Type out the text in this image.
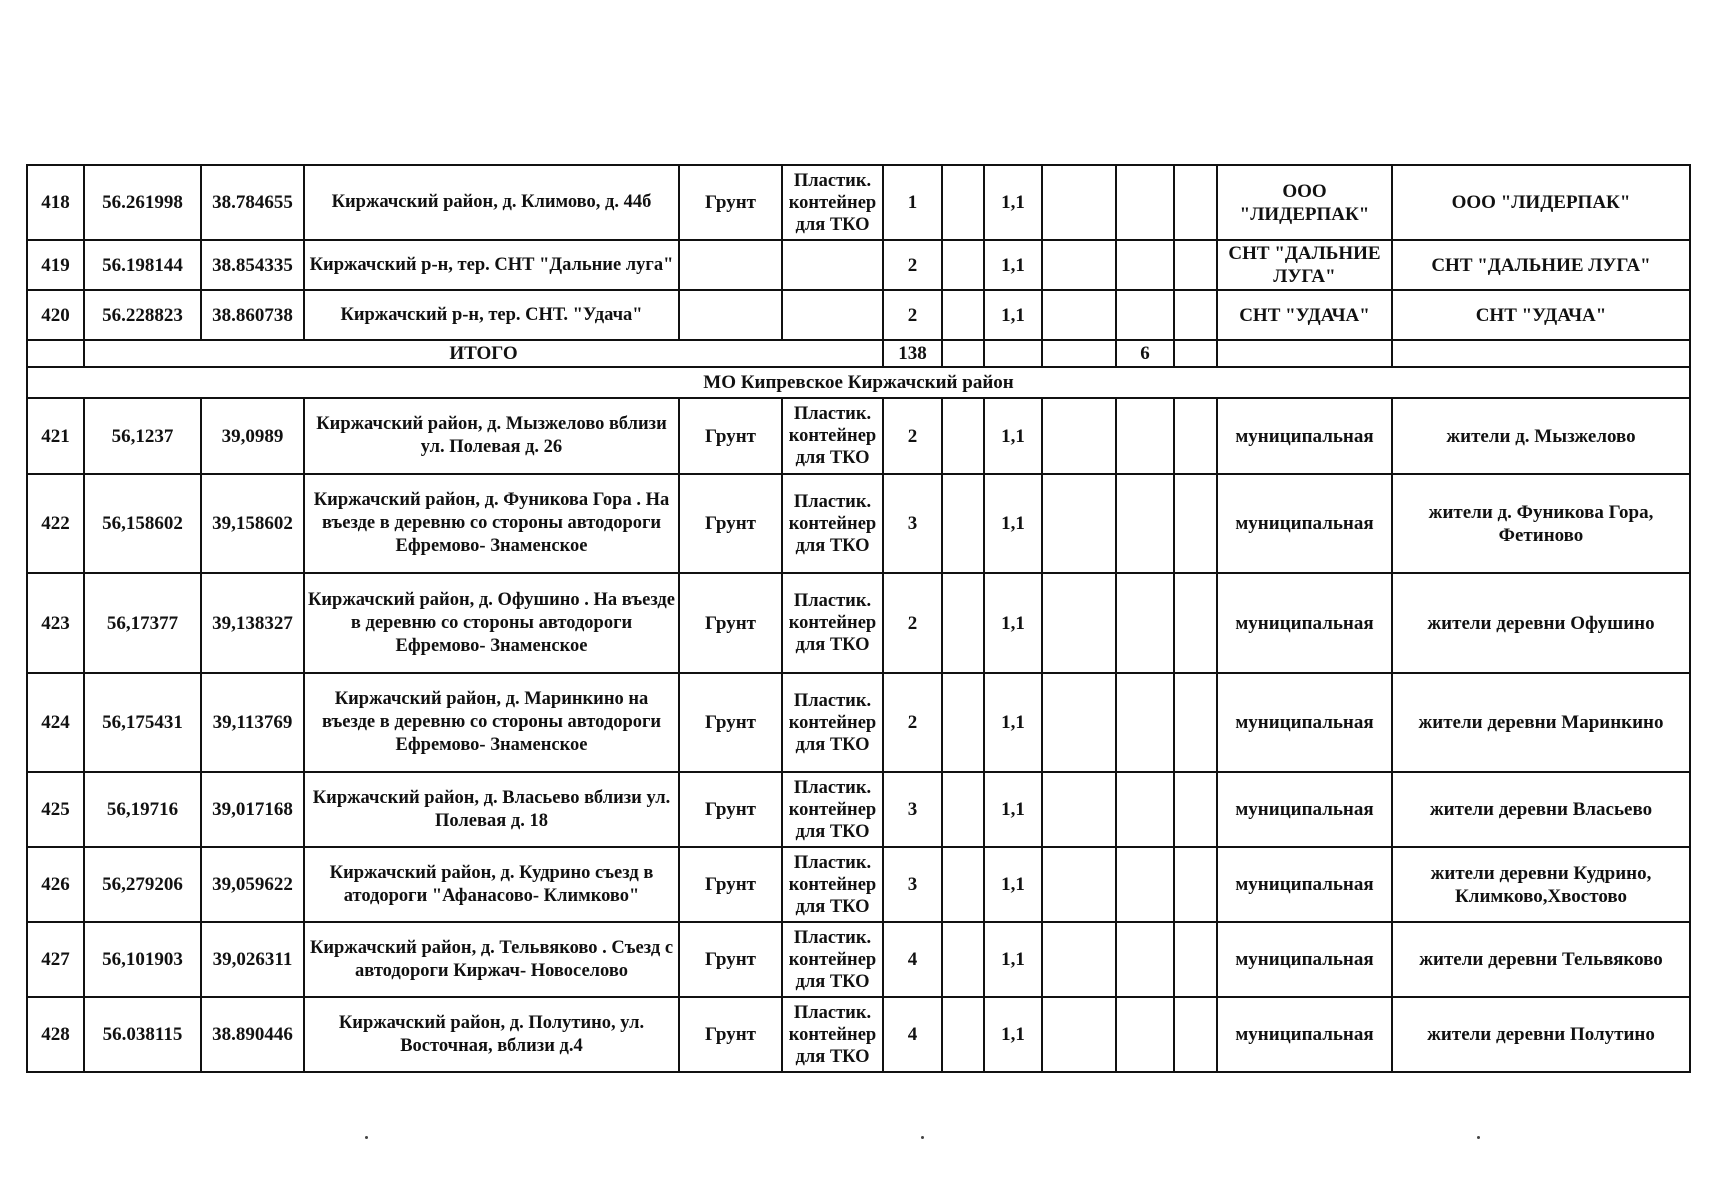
418	56.261998	38.784655	Киржачский район, д. Климово, д. 44б	Грунт	Пластик. контейнер для ТКО	1		1,1				ООО "ЛИДЕРПАК"	ООО "ЛИДЕРПАК"
419	56.198144	38.854335	Киржачский р-н, тер. СНТ "Дальние луга"			2		1,1				СНТ "ДАЛЬНИЕ ЛУГА"	СНТ "ДАЛЬНИЕ ЛУГА"
420	56.228823	38.860738	Киржачский р-н, тер. СНТ. "Удача"			2		1,1				СНТ "УДАЧА"	СНТ "УДАЧА"
	ИТОГО					138				6			
МО Кипревское Киржачский район													
421	56,1237	39,0989	Киржачский район, д. Мызжелово вблизи ул. Полевая д. 26	Грунт	Пластик. контейнер для ТКО	2		1,1				муниципальная	жители д. Мызжелово
422	56,158602	39,158602	Киржачский район, д. Фуникова Гора . На въезде в деревню со стороны автодороги Ефремово- Знаменское	Грунт	Пластик. контейнер для ТКО	3		1,1				муниципальная	жители д. Фуникова Гора, Фетиново
423	56,17377	39,138327	Киржачский район, д. Офушино . На въезде в деревню со стороны автодороги Ефремово- Знаменское	Грунт	Пластик. контейнер для ТКО	2		1,1				муниципальная	жители деревни Офушино
424	56,175431	39,113769	Киржачский район, д. Маринкино на въезде в деревню со стороны автодороги Ефремово- Знаменское	Грунт	Пластик. контейнер для ТКО	2		1,1				муниципальная	жители деревни Маринкино
425	56,19716	39,017168	Киржачский район, д. Власьево вблизи ул. Полевая д. 18	Грунт	Пластик. контейнер для ТКО	3		1,1				муниципальная	жители деревни Власьево
426	56,279206	39,059622	Киржачский район, д. Кудрино съезд в атодороги "Афанасово- Климково"	Грунт	Пластик. контейнер для ТКО	3		1,1				муниципальная	жители деревни Кудрино, Климково,Хвостово
427	56,101903	39,026311	Киржачский район, д. Тельвяково . Съезд с автодороги Киржач- Новоселово	Грунт	Пластик. контейнер для ТКО	4		1,1				муниципальная	жители деревни Тельвяково
428	56.038115	38.890446	Киржачский район, д. Полутино, ул. Восточная, вблизи д.4	Грунт	Пластик. контейнер для ТКО	4		1,1				муниципальная	жители деревни Полутино
